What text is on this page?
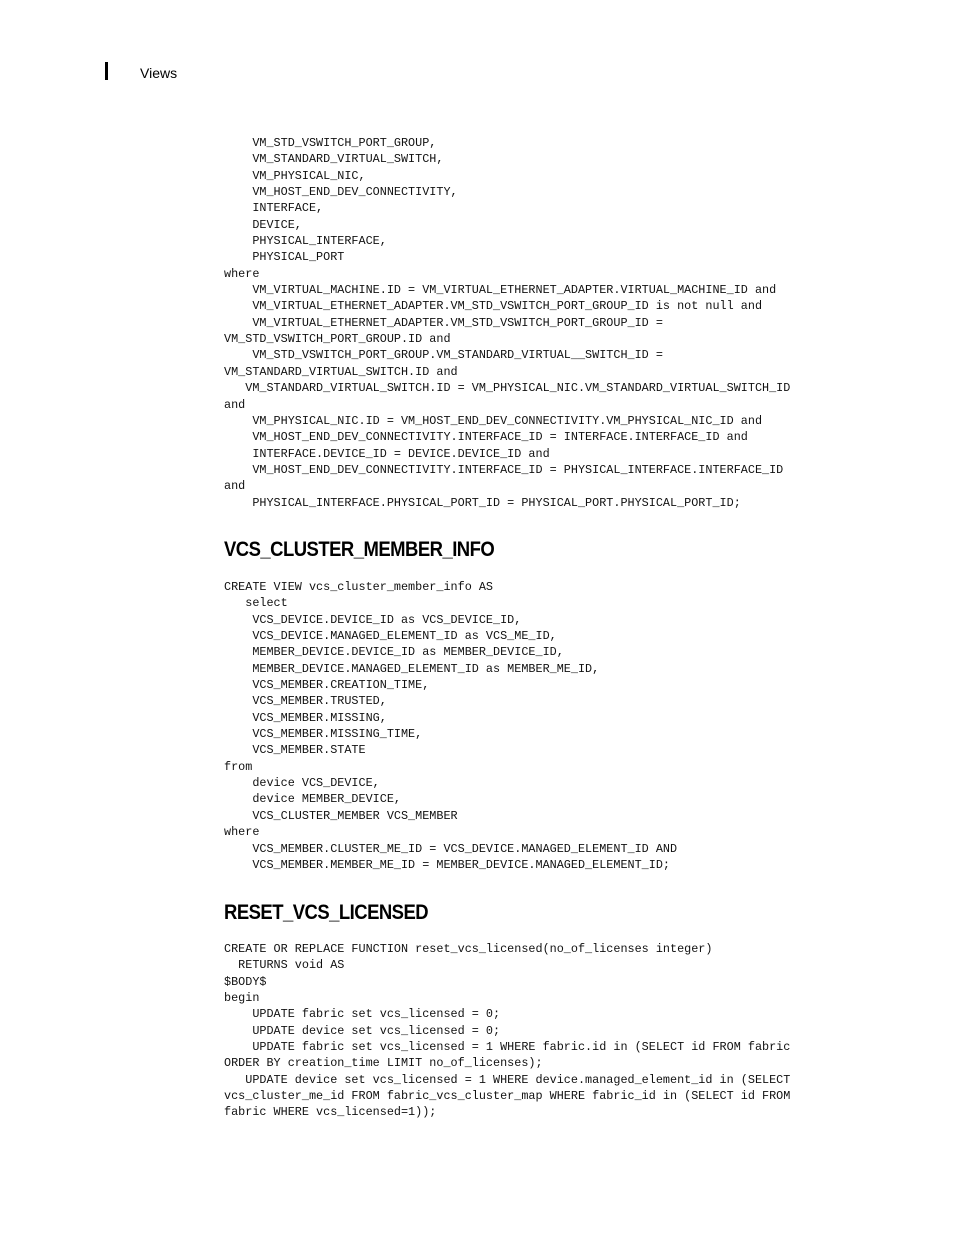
Views
VM_STD_VSWITCH_PORT_GROUP,
VM_STANDARD_VIRTUAL_SWITCH,
VM_PHYSICAL_NIC,
VM_HOST_END_DEV_CONNECTIVITY,
INTERFACE,
DEVICE,
PHYSICAL_INTERFACE,
PHYSICAL_PORT
where
VM_VIRTUAL_MACHINE.ID = VM_VIRTUAL_ETHERNET_ADAPTER.VIRTUAL_MACHINE_ID and
VM_VIRTUAL_ETHERNET_ADAPTER.VM_STD_VSWITCH_PORT_GROUP_ID is not null and
VM_VIRTUAL_ETHERNET_ADAPTER.VM_STD_VSWITCH_PORT_GROUP_ID =
VM_STD_VSWITCH_PORT_GROUP.ID and
VM_STD_VSWITCH_PORT_GROUP.VM_STANDARD_VIRTUAL__SWITCH_ID =
VM_STANDARD_VIRTUAL_SWITCH.ID and
VM_STANDARD_VIRTUAL_SWITCH.ID = VM_PHYSICAL_NIC.VM_STANDARD_VIRTUAL_SWITCH_ID
and
VM_PHYSICAL_NIC.ID = VM_HOST_END_DEV_CONNECTIVITY.VM_PHYSICAL_NIC_ID and
VM_HOST_END_DEV_CONNECTIVITY.INTERFACE_ID = INTERFACE.INTERFACE_ID and
INTERFACE.DEVICE_ID = DEVICE.DEVICE_ID and
VM_HOST_END_DEV_CONNECTIVITY.INTERFACE_ID = PHYSICAL_INTERFACE.INTERFACE_ID
and
PHYSICAL_INTERFACE.PHYSICAL_PORT_ID = PHYSICAL_PORT.PHYSICAL_PORT_ID;
VCS_CLUSTER_MEMBER_INFO
CREATE VIEW vcs_cluster_member_info AS
select
VCS_DEVICE.DEVICE_ID as VCS_DEVICE_ID,
VCS_DEVICE.MANAGED_ELEMENT_ID as VCS_ME_ID,
MEMBER_DEVICE.DEVICE_ID as MEMBER_DEVICE_ID,
MEMBER_DEVICE.MANAGED_ELEMENT_ID as MEMBER_ME_ID,
VCS_MEMBER.CREATION_TIME,
VCS_MEMBER.TRUSTED,
VCS_MEMBER.MISSING,
VCS_MEMBER.MISSING_TIME,
VCS_MEMBER.STATE
from
device VCS_DEVICE,
device MEMBER_DEVICE,
VCS_CLUSTER_MEMBER VCS_MEMBER
where
VCS_MEMBER.CLUSTER_ME_ID = VCS_DEVICE.MANAGED_ELEMENT_ID AND
VCS_MEMBER.MEMBER_ME_ID = MEMBER_DEVICE.MANAGED_ELEMENT_ID;
RESET_VCS_LICENSED
CREATE OR REPLACE FUNCTION reset_vcs_licensed(no_of_licenses integer)
RETURNS void AS
$BODY$
begin
UPDATE fabric set vcs_licensed = 0;
UPDATE device set vcs_licensed = 0;
UPDATE fabric set vcs_licensed = 1 WHERE fabric.id in (SELECT id FROM fabric
ORDER BY creation_time LIMIT no_of_licenses);
UPDATE device set vcs_licensed = 1 WHERE device.managed_element_id in (SELECT
vcs_cluster_me_id FROM fabric_vcs_cluster_map WHERE fabric_id in (SELECT id FROM
fabric WHERE vcs_licensed=1));
